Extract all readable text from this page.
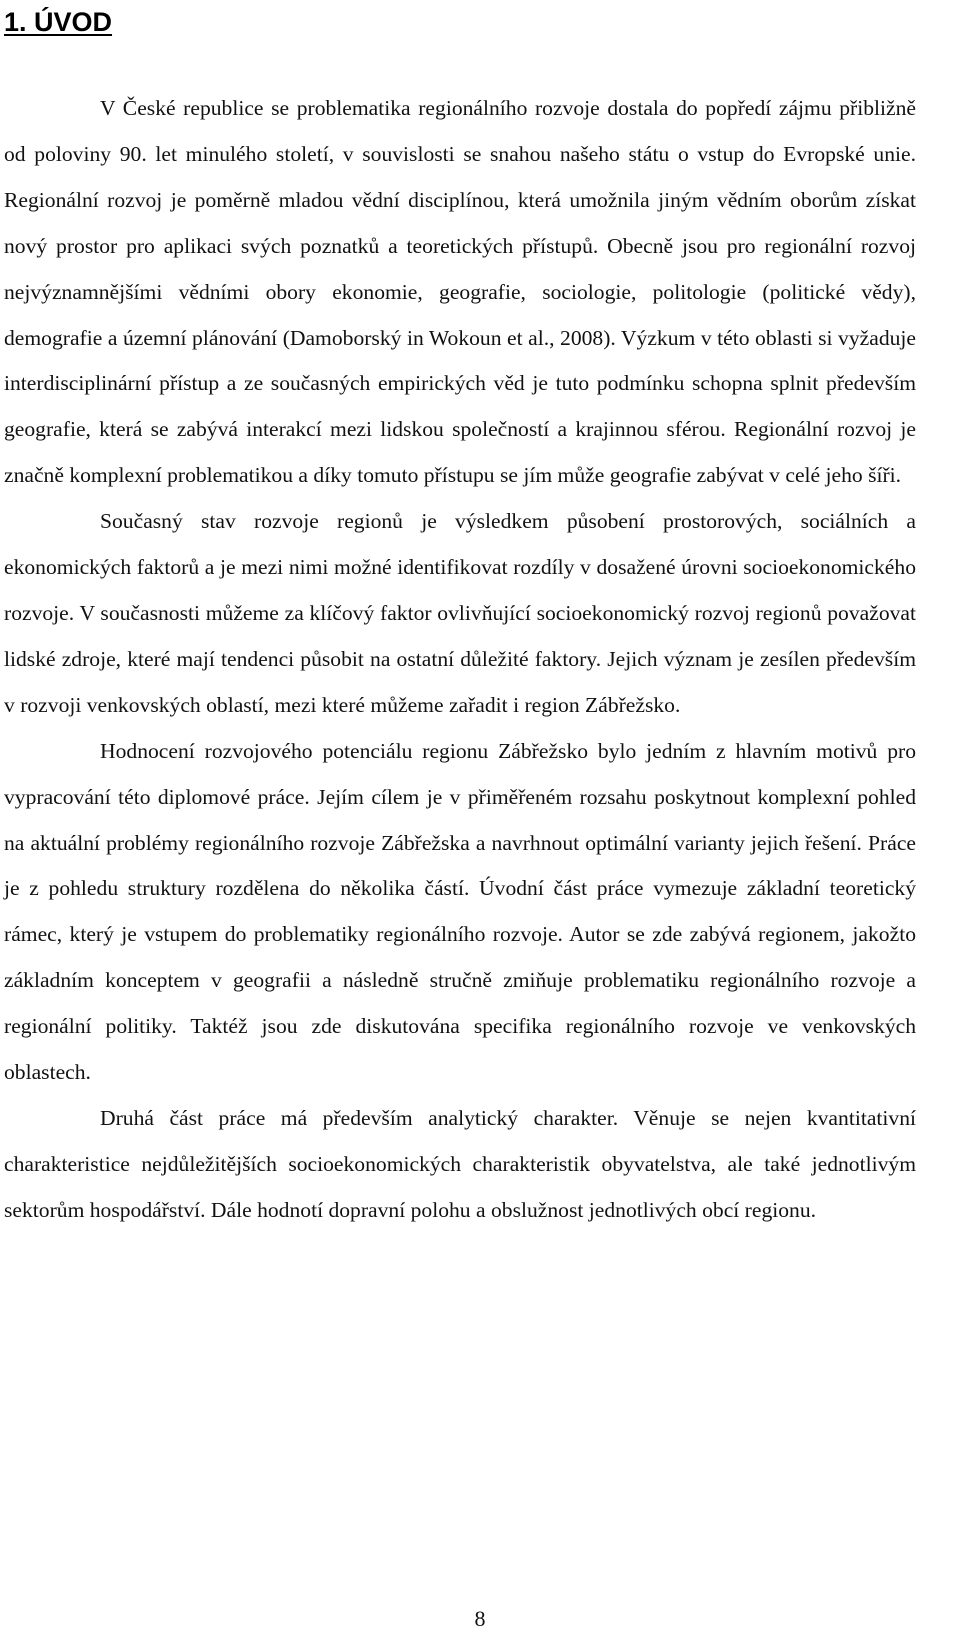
1. ÚVOD

V České republice se problematika regionálního rozvoje dostala do popředí zájmu přibližně od poloviny 90. let minulého století, v souvislosti se snahou našeho státu o vstup do Evropské unie. Regionální rozvoj je poměrně mladou vědní disciplínou, která umožnila jiným vědním oborům získat nový prostor pro aplikaci svých poznatků a teoretických přístupů. Obecně jsou pro regionální rozvoj nejvýznamnějšími vědními obory ekonomie, geografie, sociologie, politologie (politické vědy), demografie a územní plánování (Damoborský in Wokoun et al., 2008). Výzkum v této oblasti si vyžaduje interdisciplinární přístup a ze současných empirických věd je tuto podmínku schopna splnit především geografie, která se zabývá interakcí mezi lidskou společností a krajinnou sférou. Regionální rozvoj je značně komplexní problematikou a díky tomuto přístupu se jím může geografie zabývat v celé jeho šíři.

Současný stav rozvoje regionů je výsledkem působení prostorových, sociálních a ekonomických faktorů a je mezi nimi možné identifikovat rozdíly v dosažené úrovni socioekonomického rozvoje. V současnosti můžeme za klíčový faktor ovlivňující socioekonomický rozvoj regionů považovat lidské zdroje, které mají tendenci působit na ostatní důležité faktory. Jejich význam je zesílen především v rozvoji venkovských oblastí, mezi které můžeme zařadit i region Zábřežsko.

Hodnocení rozvojového potenciálu regionu Zábřežsko bylo jedním z hlavním motivů pro vypracování této diplomové práce. Jejím cílem je v přiměřeném rozsahu poskytnout komplexní pohled na aktuální problémy regionálního rozvoje Zábřežska a navrhnout optimální varianty jejich řešení. Práce je z pohledu struktury rozdělena do několika částí. Úvodní část práce vymezuje základní teoretický rámec, který je vstupem do problematiky regionálního rozvoje. Autor se zde zabývá regionem, jakožto základním konceptem v geografii a následně stručně zmiňuje problematiku regionálního rozvoje a regionální politiky. Taktéž jsou zde diskutována specifika regionálního rozvoje ve venkovských oblastech.

Druhá část práce má především analytický charakter. Věnuje se nejen kvantitativní charakteristice nejdůležitějších socioekonomických charakteristik obyvatelstva, ale také jednotlivým sektorům hospodářství. Dále hodnotí dopravní polohu a obslužnost jednotlivých obcí regionu.

8
